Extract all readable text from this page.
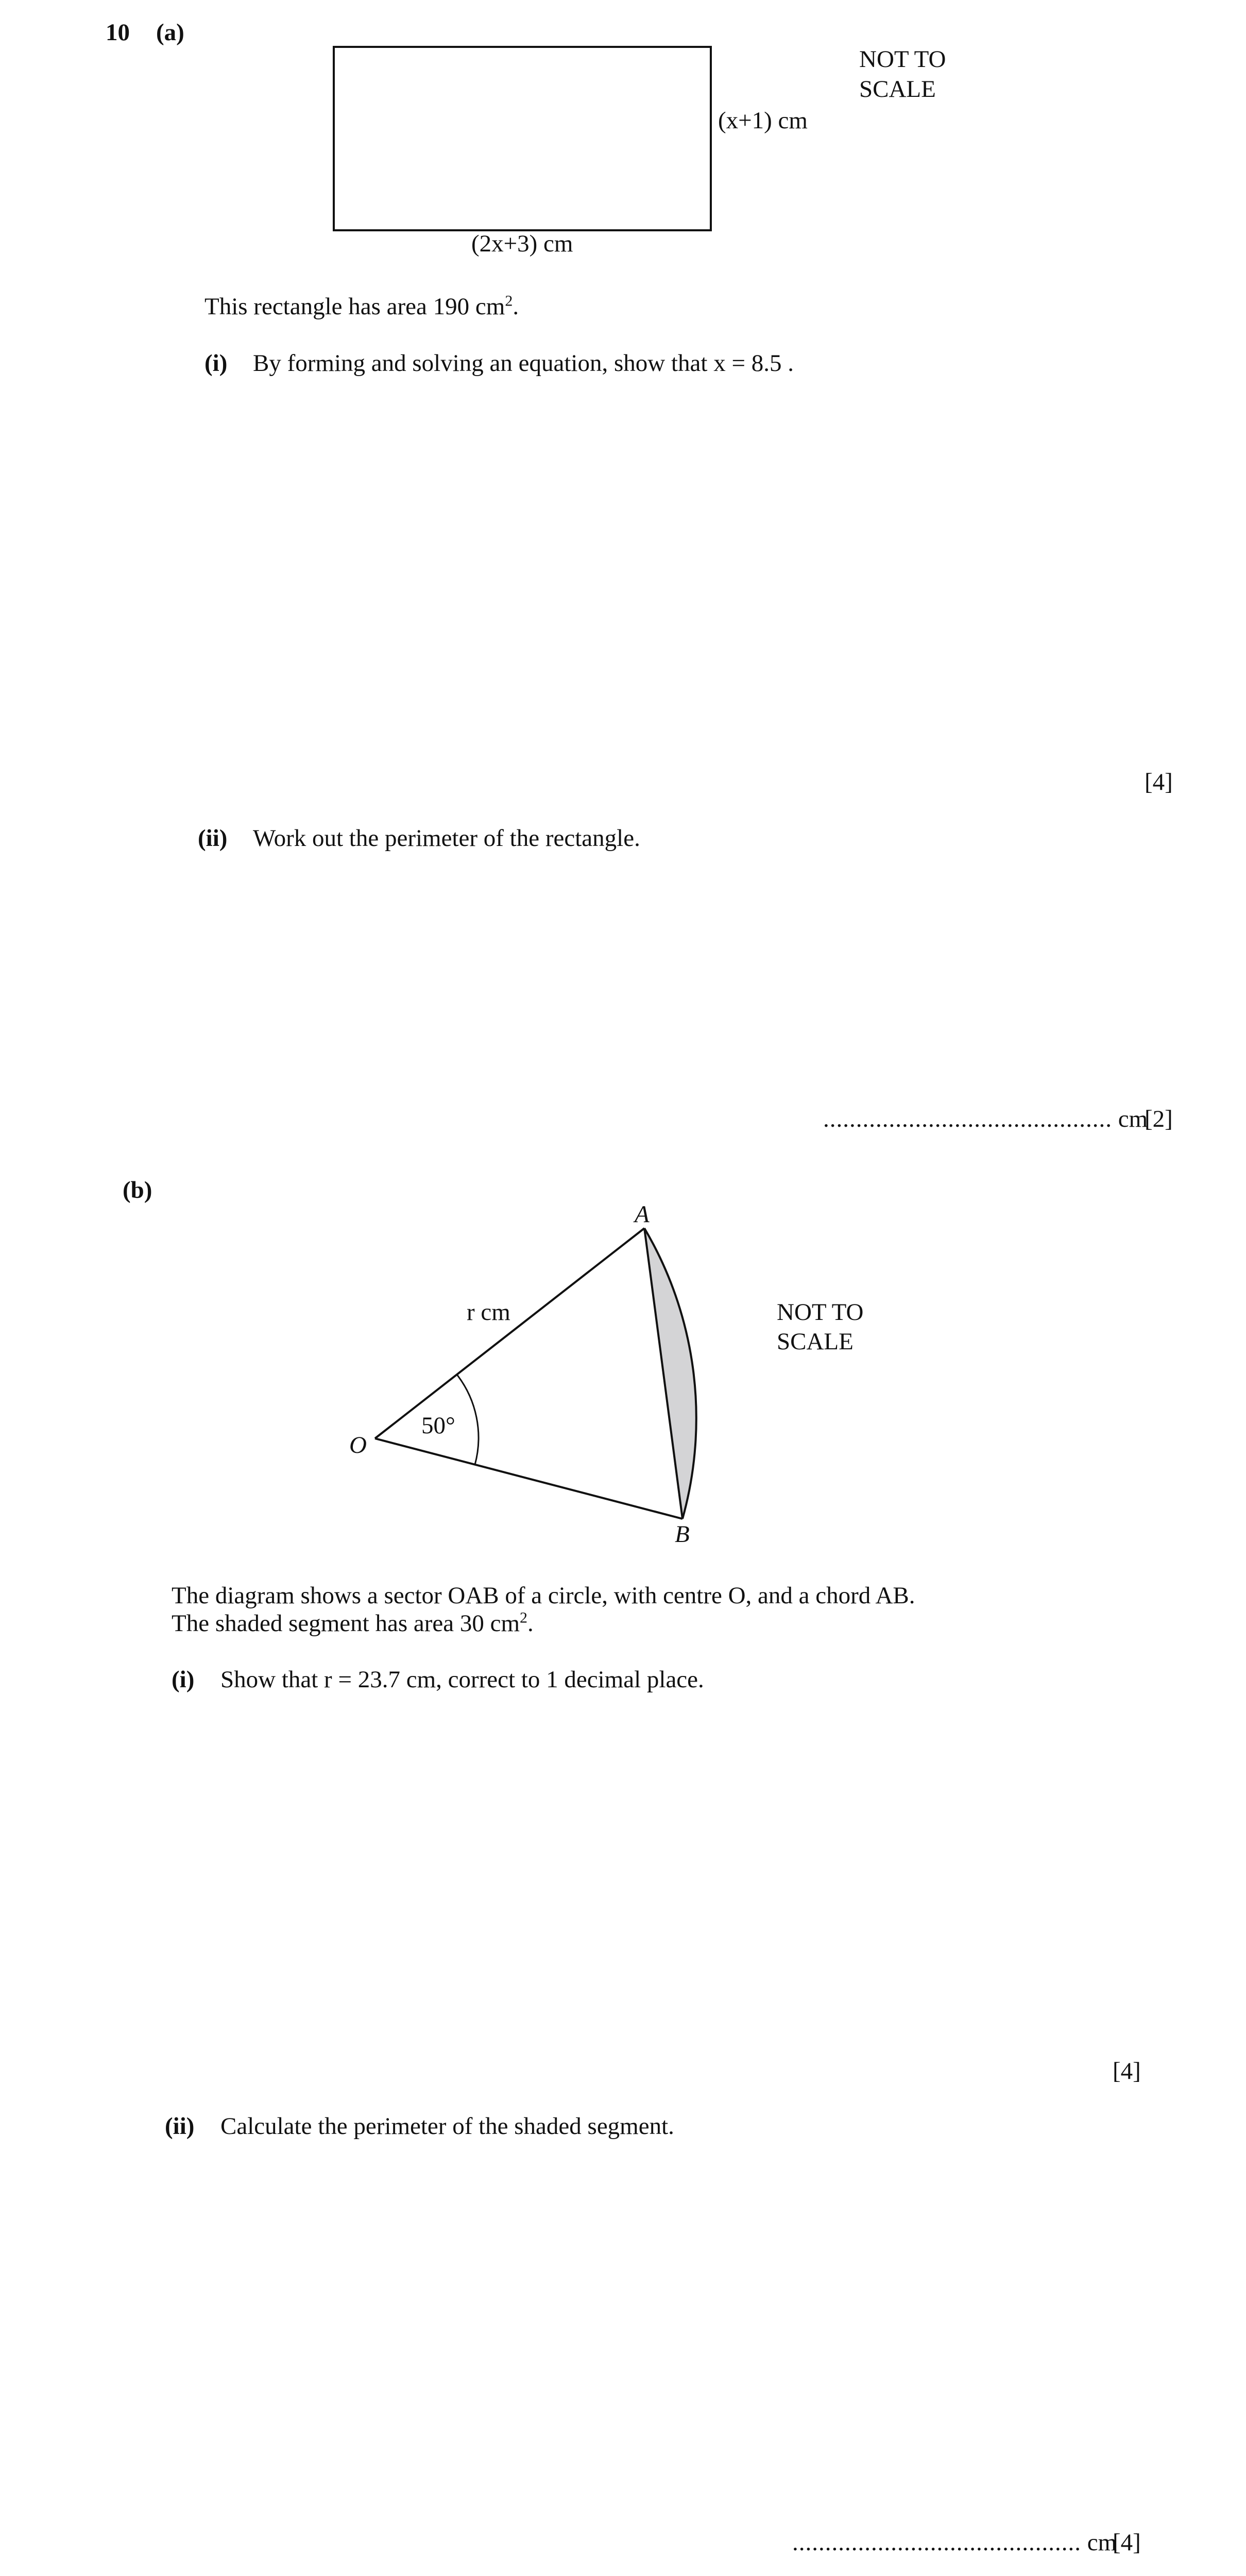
10 (a)
NOT TO
SCALE
(x+1) cm
(2x+3) cm
This rectangle has area 190 $cm^2$.
(i) By forming and solving an equation, show that x = 8.5 .
[4]
(ii) Work out the perimeter of the rectangle.
............................................ cm
[2]
(b)
A
B
O
r cm
50°
NOT TO
SCALE
The diagram shows a sector OAB of a circle, with centre O, and a chord AB.
The shaded segment has area 30 $cm^2$.
(i) Show that r = 23.7 cm, correct to 1 decimal place.
[4]
(ii) Calculate the perimeter of the shaded segment.
............................................ cm
[4]
